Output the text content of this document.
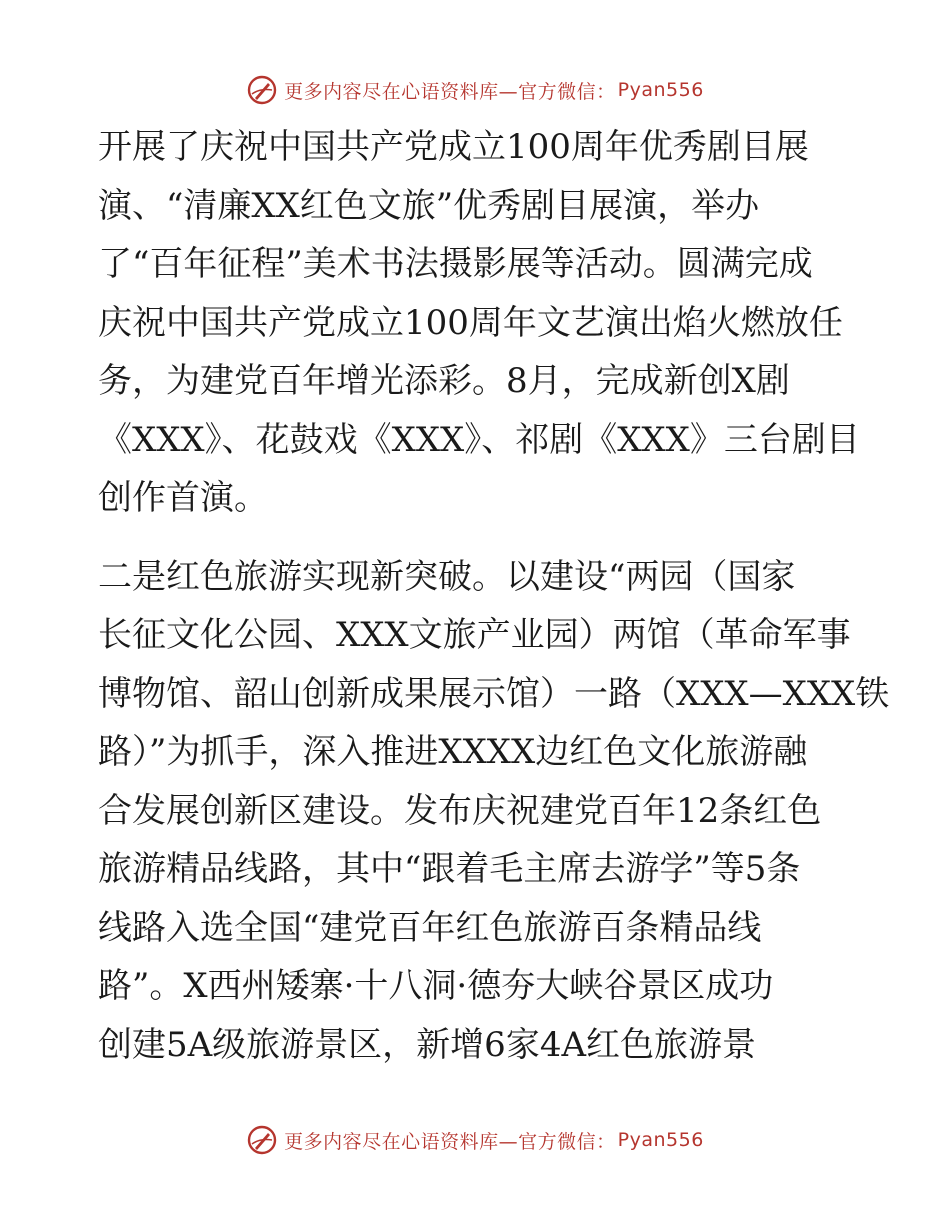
更多内容尽在心语资料库—官方微信： Pyan556

开展了庆祝中国共产党成立100周年优秀剧目展
演、“清廉XX红色文旅”优秀剧目展演，举办
了“百年征程”美术书法摄影展等活动。圆满完成
庆祝中国共产党成立100周年文艺演出焰火燃放任
务，为建党百年增光添彩。8月，完成新创X剧
《XXX》、花鼓戏《XXX》、祁剧《XXX》三台剧目
创作首演。

二是红色旅游实现新突破。以建设“两园（国家
长征文化公园、XXX文旅产业园）两馆（革命军事
博物馆、韶山创新成果展示馆）一路（XXX—XXX铁
路）”为抓手，深入推进XXXX边红色文化旅游融
合发展创新区建设。发布庆祝建党百年12条红色
旅游精品线路，其中“跟着毛主席去游学”等5条
线路入选全国“建党百年红色旅游百条精品线
路”。X西州矮寨·十八洞·德夯大峡谷景区成功
创建5A级旅游景区，新增6家4A红色旅游景

更多内容尽在心语资料库—官方微信： Pyan556
